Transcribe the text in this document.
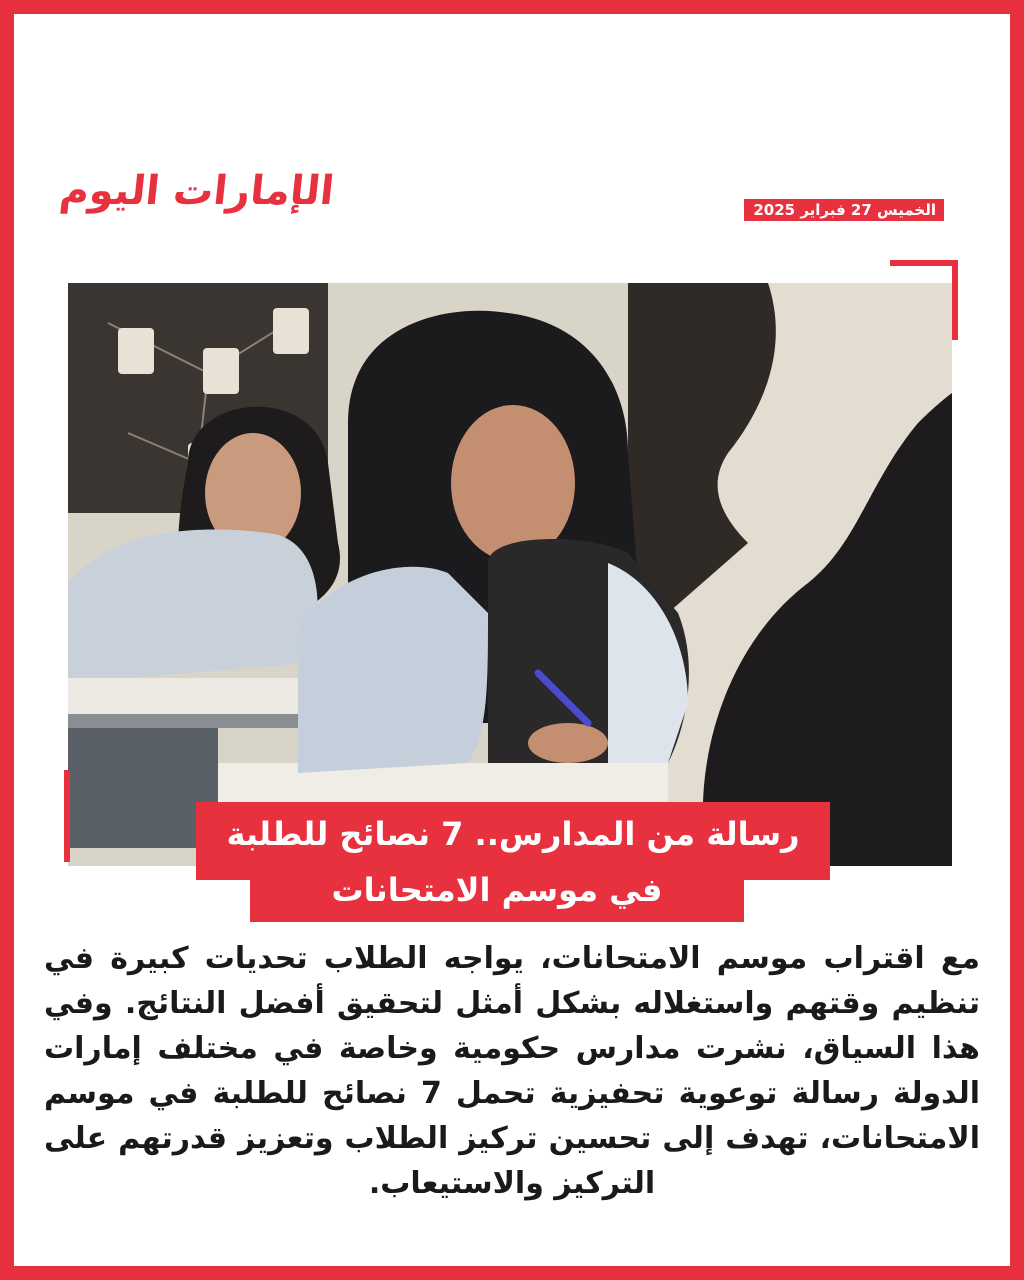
الإمارات اليوم	الخميس 27 فبراير 2025
رسالة من المدارس.. 7 نصائح للطلبة
في موسم الامتحانات

مع اقتراب موسم الامتحانات، يواجه الطلاب تحديات كبيرة في تنظيم وقتهم واستغلاله بشكل أمثل لتحقيق أفضل النتائج. وفي هذا السياق، نشرت مدارس حكومية وخاصة في مختلف إمارات الدولة رسالة توعوية تحفيزية تحمل 7 نصائح للطلبة في موسم الامتحانات، تهدف إلى تحسين تركيز الطلاب وتعزيز قدرتهم على التركيز والاستيعاب.
